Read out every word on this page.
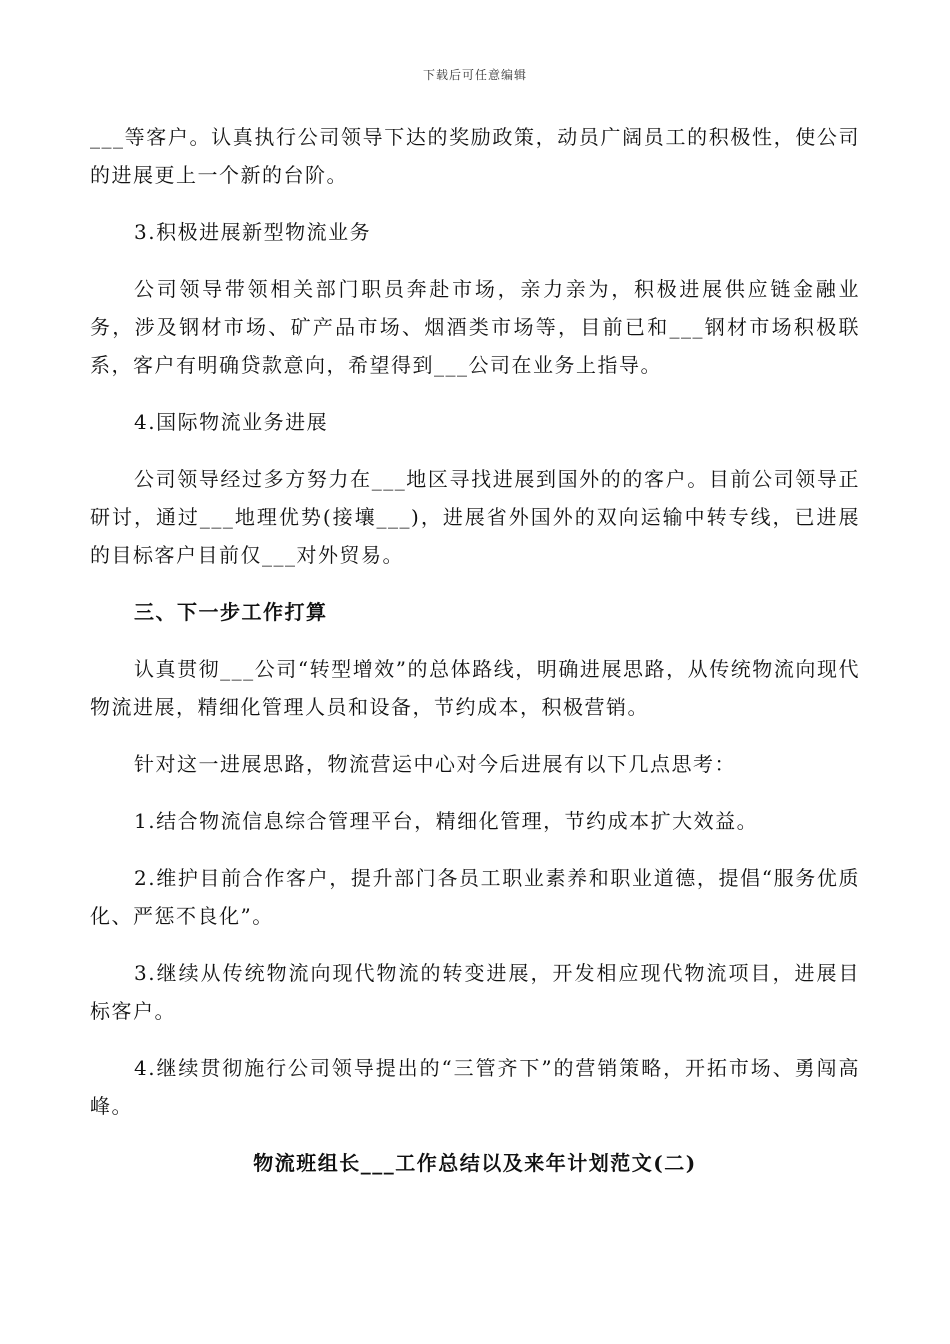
下载后可任意编辑

___等客户。认真执行公司领导下达的奖励政策，动员广阔员工的积极性，使公司的进展更上一个新的台阶。

3.积极进展新型物流业务

公司领导带领相关部门职员奔赴市场，亲力亲为，积极进展供应链金融业务，涉及钢材市场、矿产品市场、烟酒类市场等，目前已和___钢材市场积极联系，客户有明确贷款意向，希望得到___公司在业务上指导。

4.国际物流业务进展

公司领导经过多方努力在___地区寻找进展到国外的的客户。目前公司领导正研讨，通过___地理优势(接壤___)，进展省外国外的双向运输中转专线，已进展的目标客户目前仅___对外贸易。

三、下一步工作打算

认真贯彻___公司“转型增效”的总体路线，明确进展思路，从传统物流向现代物流进展，精细化管理人员和设备，节约成本，积极营销。

针对这一进展思路，物流营运中心对今后进展有以下几点思考：

1.结合物流信息综合管理平台，精细化管理，节约成本扩大效益。

2.维护目前合作客户，提升部门各员工职业素养和职业道德，提倡“服务优质化、严惩不良化”。

3.继续从传统物流向现代物流的转变进展，开发相应现代物流项目，进展目标客户。

4.继续贯彻施行公司领导提出的“三管齐下”的营销策略，开拓市场、勇闯高峰。

物流班组长___工作总结以及来年计划范文(二)
